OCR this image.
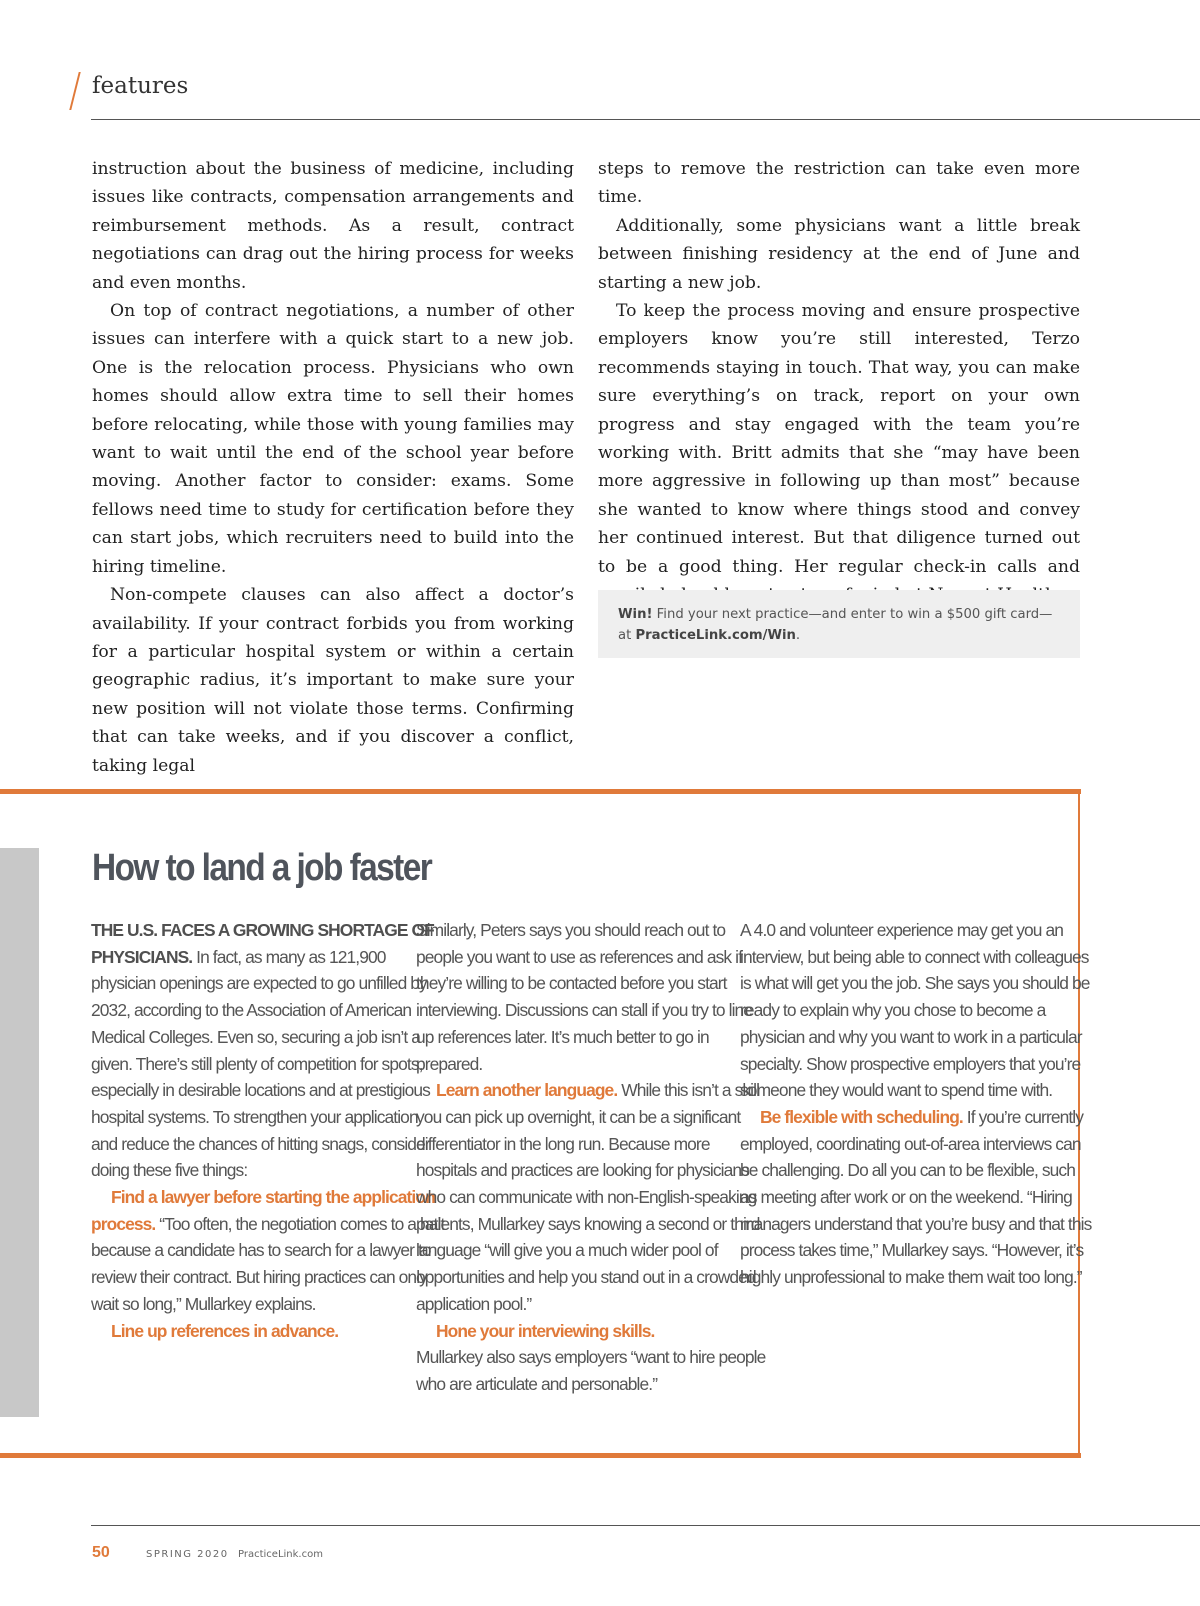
features

instruction about the business of medicine, including issues like contracts, compensation arrangements and reimbursement methods. As a result, contract negotiations can drag out the hiring process for weeks and even months.

On top of contract negotiations, a number of other issues can interfere with a quick start to a new job. One is the relocation process. Physicians who own homes should allow extra time to sell their homes before relocating, while those with young families may want to wait until the end of the school year before moving. Another factor to consider: exams. Some fellows need time to study for certification before they can start jobs, which recruiters need to build into the hiring timeline.

Non-compete clauses can also affect a doctor’s availability. If your contract forbids you from working for a particular hospital system or within a certain geographic radius, it’s important to make sure your new position will not violate those terms. Confirming that can take weeks, and if you discover a conflict, taking legal

steps to remove the restriction can take even more time.

Additionally, some physicians want a little break between finishing residency at the end of June and starting a new job.

To keep the process moving and ensure prospective employers know you’re still interested, Terzo recommends staying in touch. That way, you can make sure everything’s on track, report on your own progress and stay engaged with the team you’re working with. Britt admits that she “may have been more aggressive in following up than most” because she wanted to know where things stood and convey her continued interest. But that diligence turned out to be a good thing. Her regular check-in calls and

Win! Find your next practice—and enter to win a $500 gift card—at PracticeLink.com/Win.
How to land a job faster

THE U.S. FACES A GROWING SHORTAGE OF PHYSICIANS. In fact, as many as 121,900 physician openings are expected to go unfilled by 2032, according to the Association of American Medical Colleges. Even so, securing a job isn’t a given. There’s still plenty of competition for spots, especially in desirable locations and at prestigious hospital systems. To strengthen your application and reduce the chances of hitting snags, consider doing these five things:

Find a lawyer before starting the application process. “Too often, the negotiation comes to a halt because a candidate has to search for a lawyer to review their contract. But hiring practices can only wait so long,” Mullarkey explains.

Line up references in advance.

Similarly, Peters says you should reach out to people you want to use as references and ask if they’re willing to be contacted before you start interviewing. Discussions can stall if you try to line up references later. It’s much better to go in prepared.

Learn another language. While this isn’t a skill you can pick up overnight, it can be a significant differentiator in the long run. Because more hospitals and practices are looking for physicians who can communicate with non-English-speaking patients, Mullarkey says knowing a second or third language “will give you a much wider pool of opportunities and help you stand out in a crowded application pool.”

Hone your interviewing skills.

Mullarkey also says employers “want to hire people who are articulate and personable.”

A 4.0 and volunteer experience may get you an interview, but being able to connect with colleagues is what will get you the job. She says you should be ready to explain why you chose to become a physician and why you want to work in a particular specialty. Show prospective employers that you’re someone they would want to spend time with.

Be flexible with scheduling. If you’re currently employed, coordinating out-of-area interviews can be challenging. Do all you can to be flexible, such as meeting after work or on the weekend. “Hiring managers understand that you’re busy and that this process takes time,” Mullarkey says. “However, it’s highly unprofessional to make them wait too long.”

50	SPRING 2020 PracticeLink.com
